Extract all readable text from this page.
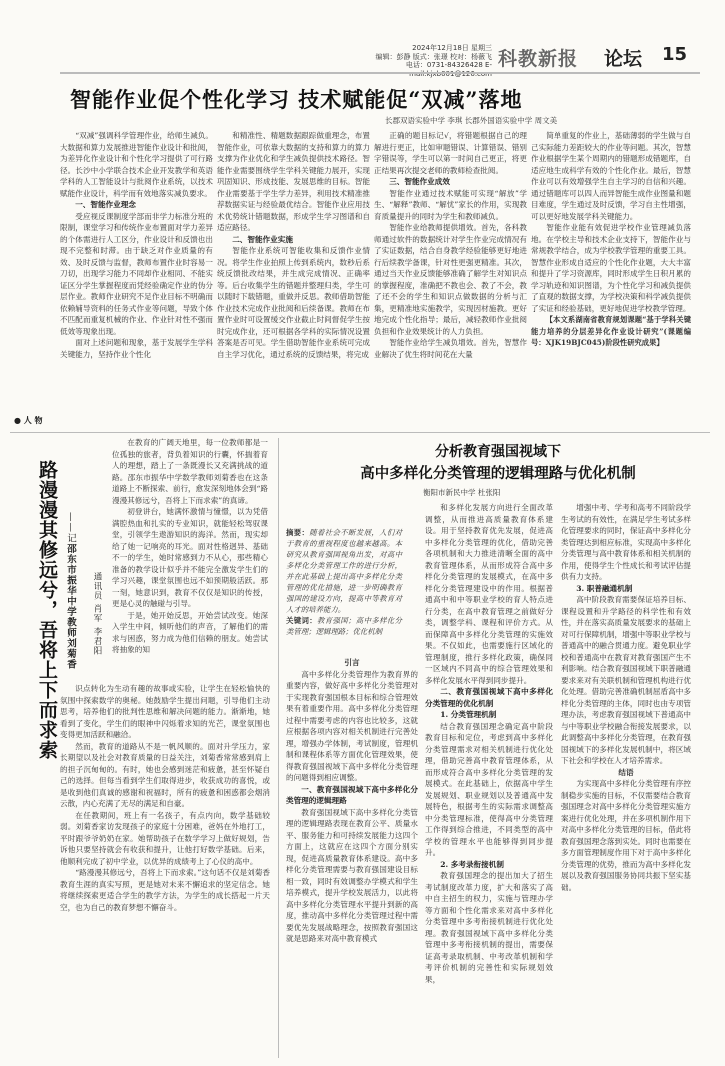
2024年12月18日 星期三
编辑：彭静 版式：张璟 校对：杨薇飞
电话：0731-84326428 E- 科教新报 论坛 15
智能作业促个性化学习 技术赋能促“双减”落地
长郡双语实验中学 李琪 长郡外国语实验中学 周文美

“双减”强调科学管理作业，给师生减负。大数据和算力发展推进智能作业设计和批阅，为差异化作业设计和个性化学习提供了可行路径。长沙中小学联合技术企业开发教学和英语学科的人工智能设计与批阅作业系统，以技术赋能作业设计，科学而有效地落实减负要求。

一、智能作业理念

受应视反课制度学部而非学力标准分班的限制，课堂学习和传统作业布置面对学力差异的个体需进行人工区分，作业设计和反馈也出现不完整和时滞。由于缺乏对作业质量的有效、及时反馈与监督，教师布置作业时容易一刀切，出现学习能力不同却作业相同、不能实证区分学生掌握程度而凭经验确定作业的伪分层作业。教师作业研究不足作业目标不明确而依赖辅导资料的任务式作业等问题，导致个体不匹配而重复机械的作业、作业针对性不强而低效等现象出现。

面对上述问题和现象，基于发展学生学科关键能力，坚持作业个性化

和精准性、精题数据跟踪做重理念，布置智能作业，可依靠大数据的支持和算力的算力支撑为作业优化和学生减负提供技术路径。智能作业需要围绕学生学科关键能力展开，实现巩固知识、形成技能、发展思维的目标。智能作业需要基于学生学力差异，利用技术精准推荐数据实证与经验最优结合。智能作业应用技术优势统计错题数据，形成学生学习图谱和自适应路径。

二、智能作业实施

智能作业系统可智能收集和反馈作业情况。将学生作业拍照上传到系统内，数秒后系统反馈批改结果，并生成完成情况、正确率等。后台收集学生的错题并整理归类，学生可以随时下载错题，重做并反思。教师借助智能作业技术完成作业批阅和后续备课。教师在布置作业时可设置缓交作业截止时间督促学生按时完成作业，还可根据各学科的实际情况设置答案是否可见。学生借助智能作业系统可完成自主学习优化，通过系统的反馈结果，将完成

正确的题目标记√，将错题根据自己的理解进行更正，比如审题错误、计算错误、错别字错误等，学生可以第一时间自己更正，将更正结果再次提交老师的教师检查批阅。

三、智能作业成效

智能作业通过技术赋能可实现“解放”学生、“解释”教师、“解忧”家长的作用，实现教育质量提升的同时为学生和教师减负。

智能作业给教师提供增效。首先，各科教师通过软件的数据统计对学生作业完成情况有了实证数据，结合自身教学经验能够更好地进行后续教学备课，针对性更强更精准。其次，通过当天作业反馈能够准确了解学生对知识点的掌握程度，准确把不教也会、教了不会，教了还不会的学生和知识点做数据的分析与汇集，更精准地实施教学，实现因材施教。更好地完成个性化指导；最后，减轻教师作业批阅负担和作业效果统计的人力负担。

智能作业给学生减负增效。首先，智慧作业解决了优生将时间花在大量

简单重复的作业上，基础薄弱的学生做与自己实际能力差距较大的作业等问题。其次，智慧作业根据学生某个周期内的错题形成错题库，自适应地生成科学有效的个性化作业。最后，智慧作业可以有效增强学生自主学习的自信和兴趣。通过错题库可以四人而异智能生成作业图量和题目难度，学生通过及时反馈，学习自主性增强，可以更好地发展学科关键能力。

智能作业能有效促进学校作业管理减负落地。在学校主导和技术企业支持下，智能作业与常规教学结合，成为学校教学管理的重要工具。智慧作业形成自适应的个性化作业题，大大丰富和提升了学习资源库，同时形成学生日积月累的学习轨迹和知识图谱，为个性化学习和减负提供了直观的数据支撑，为学校决策和科学减负提供了实证和经验基础，更好地促进学校教学管理。

【本文系湖南省教育规划课题“基于学科关键能力培养的分层差异化作业设计研究”(课题编号：XJK19BJC045)阶段性研究成果】

● 人 物
路漫漫其修远兮，吾将上下而求索 ——记邵东市振华中学教师刘菊香 通讯员 肖军 李君阳

在教育的广阔天地里，每一位教师都是一位孤独的旅者，背负着知识的行囊，怀揣着育人的理想，踏上了一条既漫长又充满挑战的道路。邵东市振华中学数学教师刘菊香也在这条道路上不断探索、前行，愈发深刻地体会到“路漫漫其修远兮，吾将上下而求索”的真谛。

初登讲台，她满怀激情与憧憬，以为凭借满腔热血和扎实的专业知识，就能轻松驾驭课堂，引领学生遨游知识的海洋。然而，现实却给了她一记响亮的耳光。面对性格迥异、基础不一的学生，她时常感到力不从心，那些精心准备的教学设计似乎并不能完全激发学生们的学习兴趣，课堂氛围也远不如预期般活跃。那一刻，她意识到，教育不仅仅是知识的传授，更是心灵的触碰与引导。

于是，她开始反思，开始尝试改变。她深入学生中间，倾听他们的声音，了解他们的需求与困惑，努力成为他们信赖的朋友。她尝试将抽象的知

识点转化为生动有趣的故事或实验，让学生在轻松愉快的氛围中探索数学的奥秘。她鼓励学生提出问题，引导他们主动思考，培养他们的批判性思维和解决问题的能力。渐渐地，她看到了变化，学生们的眼神中闪烁着求知的光芒，课堂氛围也变得更加活跃和融洽。

然而，教育的道路从不是一帆风顺的。面对升学压力，家长期望以及社会对教育质量的日益关注，刘菊香常常感到肩上的担子沉甸甸的。有时，她也会感到迷茫和疲惫，甚至怀疑自己的选择。但每当看到学生们取得进步，收获成功的喜悦，或是收到他们真诚的感谢和祝福时，所有的疲惫和困惑都会烟消云散，内心充满了无尽的满足和自豪。

在任教期间，班上有一名孩子，有点内向，数学基础较弱。刘菊香家访发现孩子的家庭十分困难，爸妈在外地打工，平时跟爷爷奶奶在家。她帮助孩子在数学学习上做好规划，告诉他只要坚持就会有收获和提升，让他打好数学基础。后来，他顺利完成了初中学业，以优异的成绩考上了心仪的高中。

“路漫漫其修远兮，吾将上下而求索。”这句话不仅是刘菊香教育生涯的真实写照，更是她对未来不懈追求的坚定信念。她将继续探索更适合学生的教学方法，为学生的成长搭起一片天空，也为自己的教育梦想不懈奋斗。

分析教育强国视域下
高中多样化分类管理的逻辑理路与优化机制
衡阳市新民中学 杜张阳
摘要：随着社会不断发展，人们对于教育的重视程度也越来越高。本研究从教育强国视角出发，对高中多样化分类管理工作的进行分析，并在此基础上提出高中多样化分类管理的优化措施，进一步明确教育强国的建设方向，提高中等教育对人才的培养能力。
关键词：教育强国；高中多样化分类管理；逻辑理路；优化机制

引言

高中多样化分类管理作为教育界的重要内容，做好高中多样化分类管理对于实现教育强国根本目标和综合管理效果有着重要作用。高中多样化分类管理过程中需要考虑的内容也比较多，这就应根据各项内容对相关机制进行完善处理，增强办学体制，考试制度，管理机制和课程体系等方面优化管理效果，使得教育强国视域下高中多样化分类管理的问题得到相应调整。

一、教育强国视域下高中多样化分类管理的逻辑理路

教育强国视域下高中多样化分类管理的逻辑理路表现在教育公平、质量水平、服务能力和可持续发展能力这四个方面上，这就应在这四个方面分别实现，促进高质量教育体系建设。高中多样化分类管理需要与教育强国建设目标相一致，同时有效调整办学模式和学生培养模式，提升学校发展活力，以此将高中多样化分类管理水平提升到新的高度，推动高中多样化分类管理过程中需要优先发展战略理念，按照教育强国这就是思路来对高中教育模式

和多样化发展方向进行全面改革调整，从而推进高质量教育体系建设。用于坚持教育优先发展，促进高中多样化分类管理的优化，借助完善各项机制和大力推进清晰全面的高中教育管理体系，从而形成符合高中多样化分类管理的发展模式，在高中多样化分类管理建设中的作用。根据普通高中和中等职业学校的育人特点进行分类，在高中教育管理之前做好分类，调整学科、课程和评价方式。从而保障高中多样化分类管理的实施效果。不仅如此，也需要施行区域化的管理制度，推行多样化政策，确保同一区域内不同高中的综合管理效果和多样化发展水平得到同步提升。

二、教育强国视域下高中多样化分类管理的优化机制

1. 分类管理机制

结合教育强国理念确定高中阶段教育目标和定位，考虑到高中多样化分类管理需求对相关机制进行优化处理，借助完善高中教育管理体系，从而形成符合高中多样化分类管理的发展模式。在此基础上，依据高中学生发展规划、职业规划以及普通高中发展特色，根据考生的实际需求调整高中分类管理标准，使得高中分类管理工作得到综合推进，不同类型的高中学校的管理水平也能够得到同步提升。

2. 多考录衔接机制

教育强国理念的提出加大了招生考试制度改革力度，扩大和落实了高中自主招生的权力，实施与管理办学等方面和个性化需求来对高中多样化分类管理中多考衔接机制进行优化处理。教育强国视域下高中多样化分类管理中多考衔接机制的提出，需要保证高考录取机制、中考改革机制和学考评价机制的完善性和实际规划效果，

增强中考、学考和高考不同阶段学生考试的有效性，在满足学生考试多样化管理要求的同时，保证高中多样化分类管理达到相应标准，实现高中多样化分类管理与高中教育体系和相关机制的作用，使得学生个性成长和考试评估提供有力支持。

3. 职普融通机制

高中阶段教育需要保证培养目标、课程设置和升学路径的科学性和有效性，并在落实高质量发展要求的基础上对可行保障机制，增强中等职业学校与普通高中的融合贯通力度。避免职业学校和普通高中在教育对教育强国产生不利影响。结合教育强国视域下职普融通要求来对有关联机制和管理机构进行优化处理。借助完善准确机制屈盾高中多样化分类管理的主体，同时也由专项管理办法，考虑教育强国视域下普通高中与中等职业学校融合衔接发展要求，以此调整高中多样化分类管理，在教育强国视域下的多样化发展机制中，将区域下社会和学校在人才培养需求。

结语

为实现高中多样化分类管理有序控制稳步实施的目标，不仅需要结合教育强国理念对高中多样化分类管理实施方案进行优化处理，并在多项机制作用下对高中多样化分类管理的目标，借此将教育强国理念落到实处。同时也需要在多方面管理制度作用下对于高中多样化分类管理的优势，推而为高中多样化发展以及教育强国服务协同共振下坚实基础。
